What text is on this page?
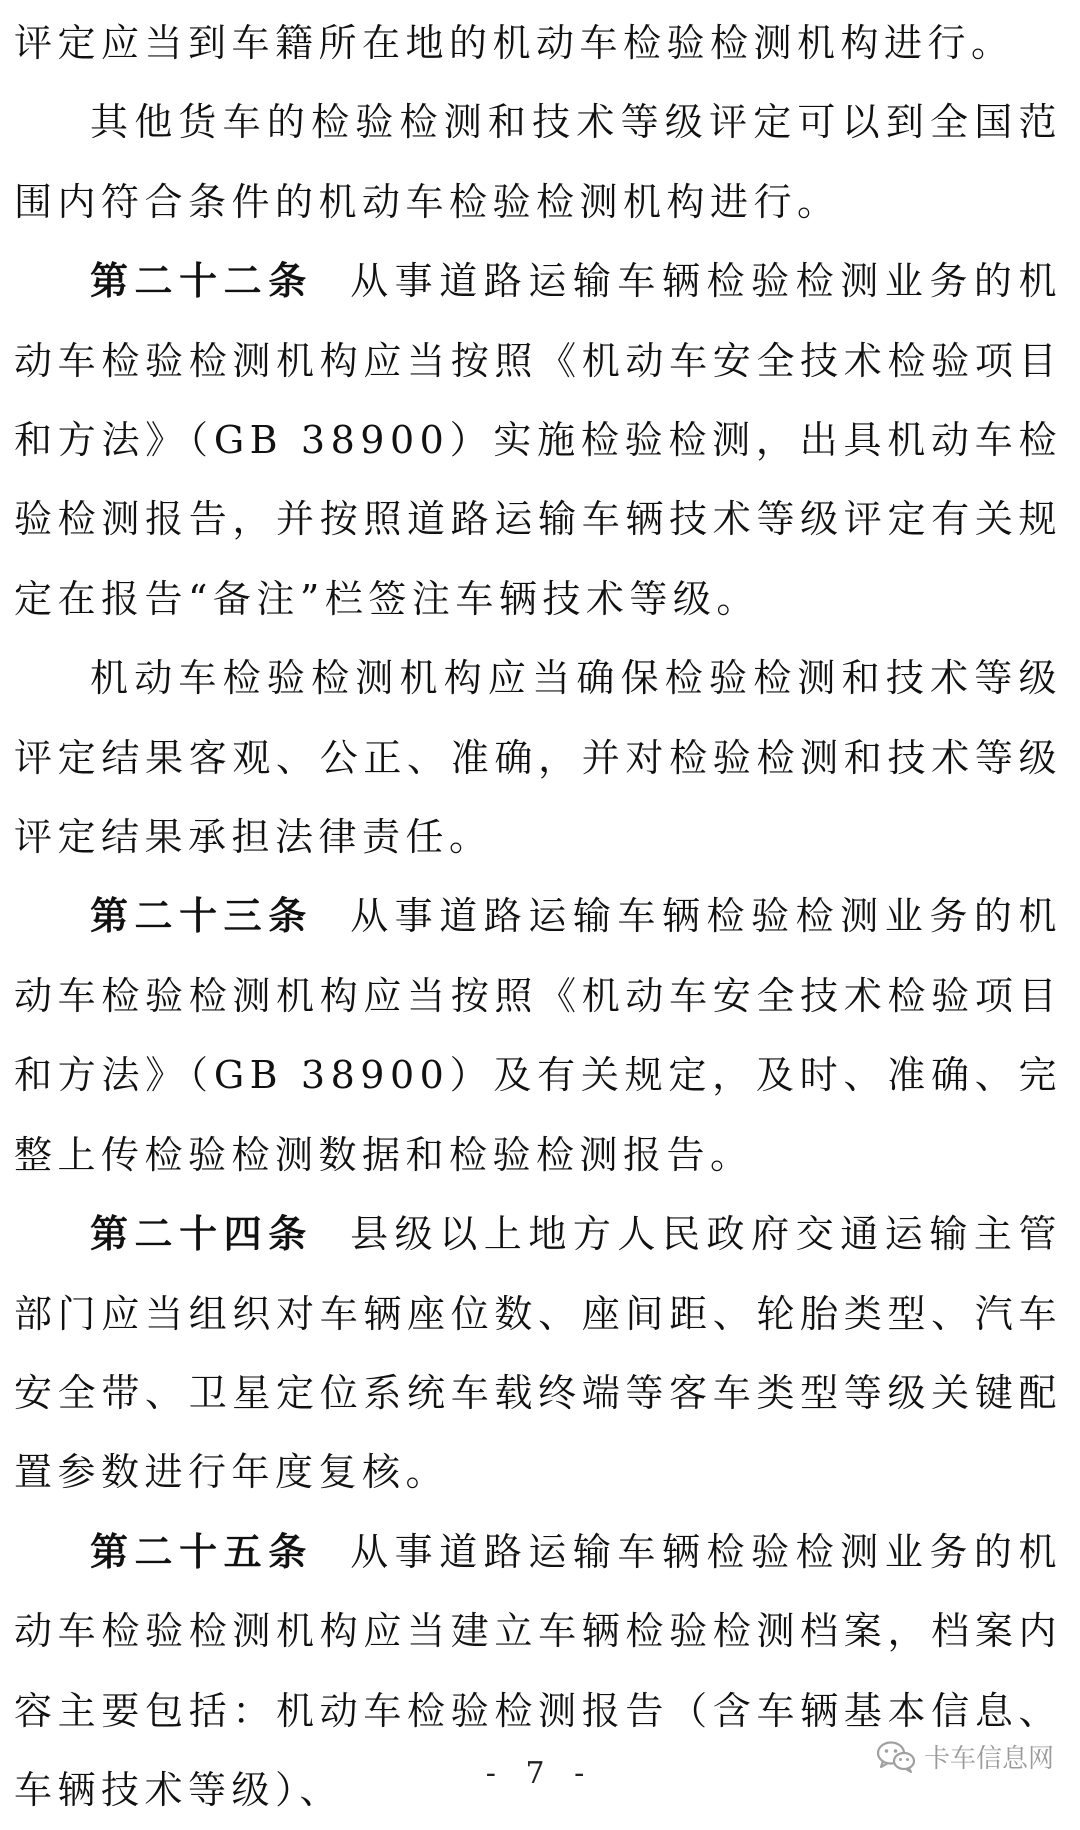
评定应当到车籍所在地的机动车检验检测机构进行。

其他货车的检验检测和技术等级评定可以到全国范围内符合条件的机动车检验检测机构进行。

第二十二条 从事道路运输车辆检验检测业务的机动车检验检测机构应当按照《机动车安全技术检验项目和方法》（GB 38900）实施检验检测，出具机动车检验检测报告，并按照道路运输车辆技术等级评定有关规定在报告“备注”栏签注车辆技术等级。

机动车检验检测机构应当确保检验检测和技术等级评定结果客观、公正、准确，并对检验检测和技术等级评定结果承担法律责任。

第二十三条 从事道路运输车辆检验检测业务的机动车检验检测机构应当按照《机动车安全技术检验项目和方法》（GB 38900）及有关规定，及时、准确、完整上传检验检测数据和检验检测报告。

第二十四条 县级以上地方人民政府交通运输主管部门应当组织对车辆座位数、座间距、轮胎类型、汽车安全带、卫星定位系统车载终端等客车类型等级关键配置参数进行年度复核。

第二十五条 从事道路运输车辆检验检测业务的机动车检验检测机构应当建立车辆检验检测档案，档案内容主要包括：机动车检验检测报告（含车辆基本信息、车辆技术等级）、

卡车信息网
- 7 -
